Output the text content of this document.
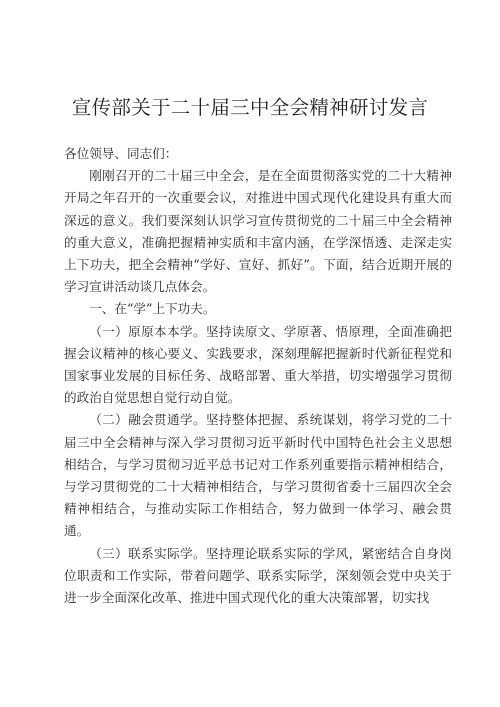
宣传部关于二十届三中全会精神研讨发言

各位领导、同志们：

刚刚召开的二十届三中全会，是在全面贯彻落实党的二十大精神开局之年召开的一次重要会议，对推进中国式现代化建设具有重大而深远的意义。我们要深刻认识学习宣传贯彻党的二十届三中全会精神的重大意义，准确把握精神实质和丰富内涵，在学深悟透、走深走实上下功夫，把全会精神“学好、宣好、抓好”。下面，结合近期开展的学习宣讲活动谈几点体会。

一、在“学”上下功夫。

（一）原原本本学。坚持读原文、学原著、悟原理，全面准确把握会议精神的核心要义、实践要求，深刻理解把握新时代新征程党和国家事业发展的目标任务、战略部署、重大举措，切实增强学习贯彻的政治自觉思想自觉行动自觉。

（二）融会贯通学。坚持整体把握、系统谋划，将学习党的二十届三中全会精神与深入学习贯彻习近平新时代中国特色社会主义思想相结合，与学习贯彻习近平总书记对工作系列重要指示精神相结合，与学习贯彻党的二十大精神相结合，与学习贯彻省委十三届四次全会精神相结合，与推动实际工作相结合，努力做到一体学习、融会贯通。

（三）联系实际学。坚持理论联系实际的学风，紧密结合自身岗位职责和工作实际，带着问题学、联系实际学，深刻领会党中央关于进一步全面深化改革、推进中国式现代化的重大决策部署，切实找
